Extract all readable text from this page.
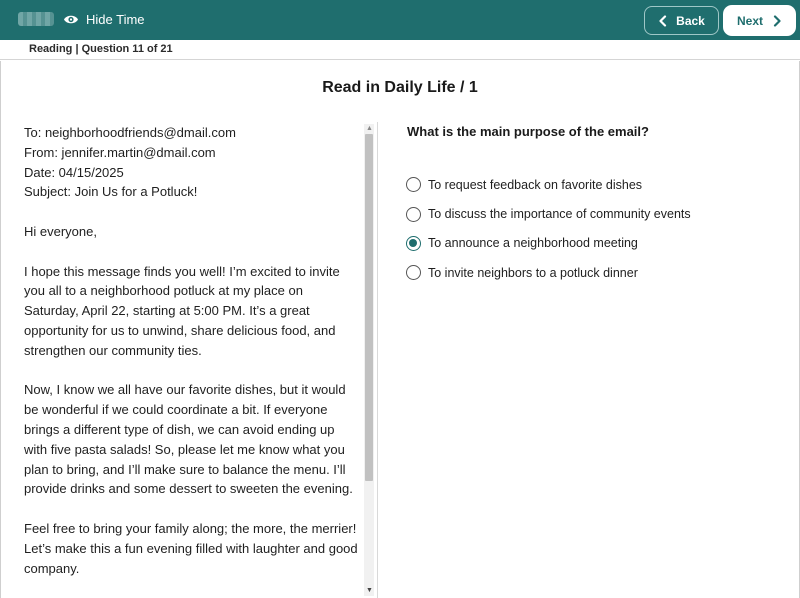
Hide Time	Back	Next
Reading | Question 11 of 21
Read in Daily Life / 1
To: neighborhoodfriends@dmail.com
From: jennifer.martin@dmail.com
Date: 04/15/2025
Subject: Join Us for a Potluck!

Hi everyone,

I hope this message finds you well! I’m excited to invite you all to a neighborhood potluck at my place on Saturday, April 22, starting at 5:00 PM. It’s a great opportunity for us to unwind, share delicious food, and strengthen our community ties.

Now, I know we all have our favorite dishes, but it would be wonderful if we could coordinate a bit. If everyone brings a different type of dish, we can avoid ending up with five pasta salads! So, please let me know what you plan to bring, and I’ll make sure to balance the menu. I’ll provide drinks and some dessert to sweeten the evening.

Feel free to bring your family along; the more, the merrier! Let’s make this a fun evening filled with laughter and good company.

▲
▼
What is the main purpose of the email?
To request feedback on favorite dishes
To discuss the importance of community events
To announce a neighborhood meeting
To invite neighbors to a potluck dinner
